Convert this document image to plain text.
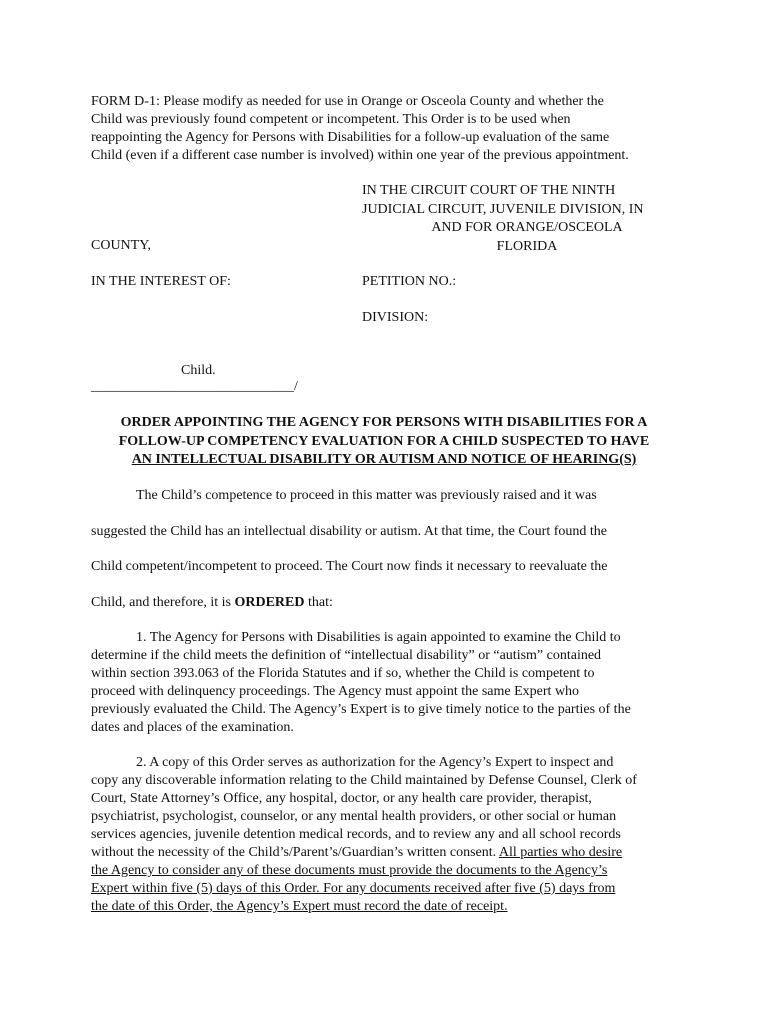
FORM D-1: Please modify as needed for use in Orange or Osceola County and whether the
Child was previously found competent or incompetent. This Order is to be used when
reappointing the Agency for Persons with Disabilities for a follow-up evaluation of the same
Child (even if a different case number is involved) within one year of the previous appointment.
IN THE CIRCUIT COURT OF THE NINTH
JUDICIAL CIRCUIT, JUVENILE DIVISION, IN
AND FOR ORANGE/OSCEOLA
FLORIDA
COUNTY,
IN THE INTEREST OF:	PETITION NO.:
DIVISION:
Child.
_____________________________/
ORDER APPOINTING THE AGENCY FOR PERSONS WITH DISABILITIES FOR A
FOLLOW-UP COMPETENCY EVALUATION FOR A CHILD SUSPECTED TO HAVE
AN INTELLECTUAL DISABILITY OR AUTISM AND NOTICE OF HEARING(S)
The Child’s competence to proceed in this matter was previously raised and it was
suggested the Child has an intellectual disability or autism. At that time, the Court found the
Child competent/incompetent to proceed. The Court now finds it necessary to reevaluate the
Child, and therefore, it is ORDERED that:
1. The Agency for Persons with Disabilities is again appointed to examine the Child to
determine if the child meets the definition of “intellectual disability” or “autism” contained
within section 393.063 of the Florida Statutes and if so, whether the Child is competent to
proceed with delinquency proceedings. The Agency must appoint the same Expert who
previously evaluated the Child. The Agency’s Expert is to give timely notice to the parties of the
dates and places of the examination.
2. A copy of this Order serves as authorization for the Agency’s Expert to inspect and
copy any discoverable information relating to the Child maintained by Defense Counsel, Clerk of
Court, State Attorney’s Office, any hospital, doctor, or any health care provider, therapist,
psychiatrist, psychologist, counselor, or any mental health providers, or other social or human
services agencies, juvenile detention medical records, and to review any and all school records
without the necessity of the Child’s/Parent’s/Guardian’s written consent. All parties who desire
the Agency to consider any of these documents must provide the documents to the Agency’s
Expert within five (5) days of this Order. For any documents received after five (5) days from
the date of this Order, the Agency’s Expert must record the date of receipt.
